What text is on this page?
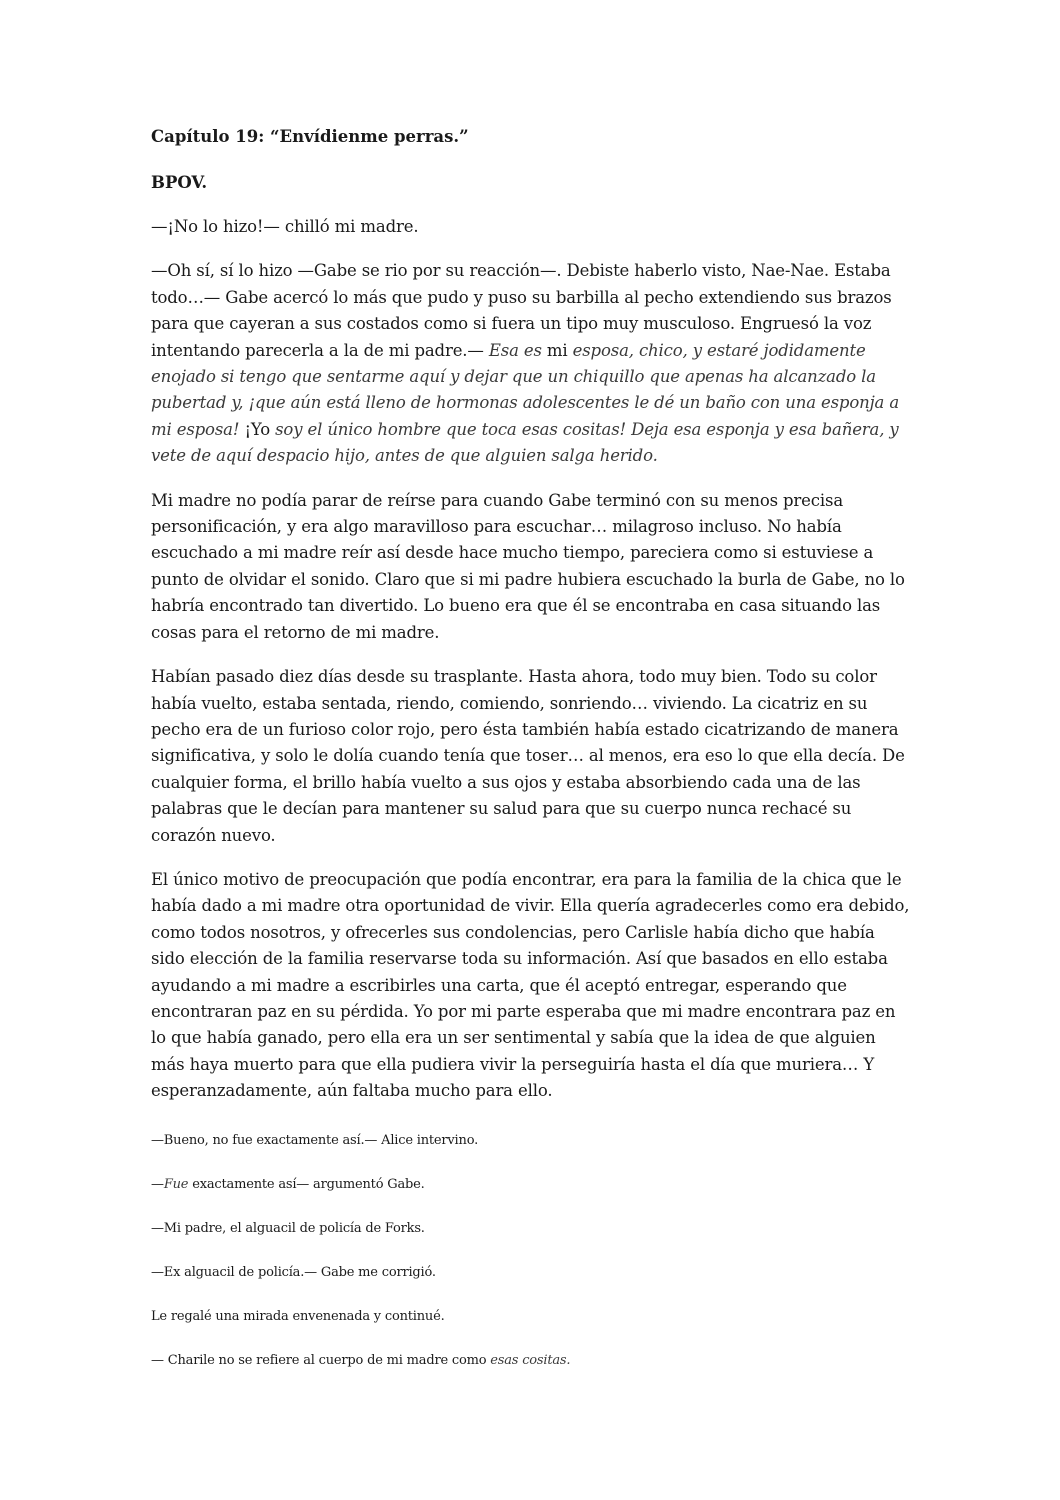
Capítulo 19: “Envídienme perras.”

BPOV.

—¡No lo hizo!— chilló mi madre.

—Oh sí, sí lo hizo —Gabe se rio por su reacción—. Debiste haberlo visto, Nae-Nae. Estaba todo…— Gabe acercó lo más que pudo y puso su barbilla al pecho extendiendo sus brazos para que cayeran a sus costados como si fuera un tipo muy musculoso. Engruesó la voz intentando parecerla a la de mi padre.— Esa es mi esposa, chico, y estaré jodidamente enojado si tengo que sentarme aquí y dejar que un chiquillo que apenas ha alcanzado la pubertad y, ¡que aún está lleno de hormonas adolescentes le dé un baño con una esponja a mi esposa! ¡Yo soy el único hombre que toca esas cositas! Deja esa esponja y esa bañera, y vete de aquí despacio hijo, antes de que alguien salga herido.

Mi madre no podía parar de reírse para cuando Gabe terminó con su menos precisa personificación, y era algo maravilloso para escuchar… milagroso incluso. No había escuchado a mi madre reír así desde hace mucho tiempo, pareciera como si estuviese a punto de olvidar el sonido. Claro que si mi padre hubiera escuchado la burla de Gabe, no lo habría encontrado tan divertido. Lo bueno era que él se encontraba en casa situando las cosas para el retorno de mi madre.

Habían pasado diez días desde su trasplante. Hasta ahora, todo muy bien. Todo su color había vuelto, estaba sentada, riendo, comiendo, sonriendo… viviendo. La cicatriz en su pecho era de un furioso color rojo, pero ésta también había estado cicatrizando de manera significativa, y solo le dolía cuando tenía que toser… al menos, era eso lo que ella decía. De cualquier forma, el brillo había vuelto a sus ojos y estaba absorbiendo cada una de las palabras que le decían para mantener su salud para que su cuerpo nunca rechacé su corazón nuevo.

El único motivo de preocupación que podía encontrar, era para la familia de la chica que le había dado a mi madre otra oportunidad de vivir. Ella quería agradecerles como era debido, como todos nosotros, y ofrecerles sus condolencias, pero Carlisle había dicho que había sido elección de la familia reservarse toda su información. Así que basados en ello estaba ayudando a mi madre a escribirles una carta, que él aceptó entregar, esperando que encontraran paz en su pérdida. Yo por mi parte esperaba que mi madre encontrara paz en lo que había ganado, pero ella era un ser sentimental y sabía que la idea de que alguien más haya muerto para que ella pudiera vivir la perseguiría hasta el día que muriera… Y esperanzadamente, aún faltaba mucho para ello.

—Bueno, no fue exactamente así.— Alice intervino.

—Fue exactamente así— argumentó Gabe.

—Mi padre, el alguacil de policía de Forks.

—Ex alguacil de policía.— Gabe me corrigió.

Le regalé una mirada envenenada y continué.

— Charile no se refiere al cuerpo de mi madre como esas cositas.
